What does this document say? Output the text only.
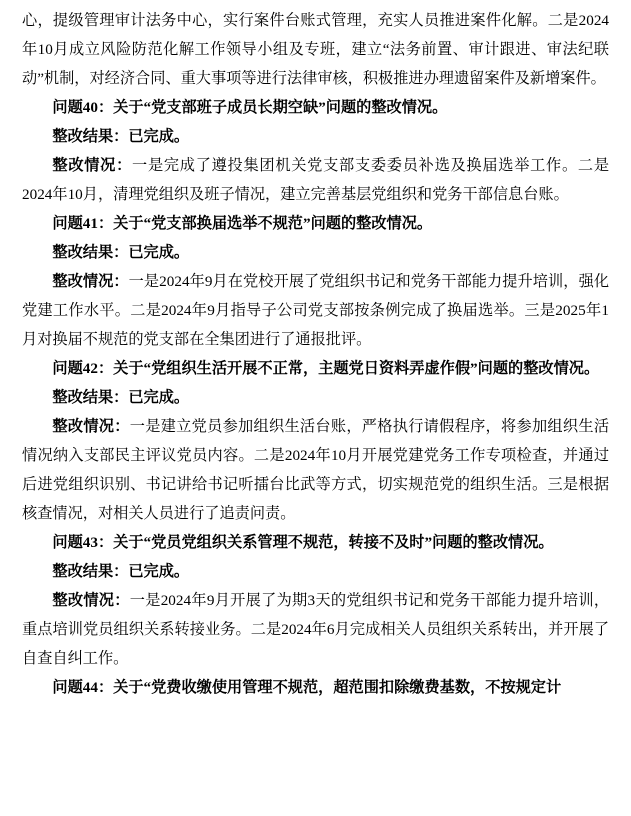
心，提级管理审计法务中心，实行案件台账式管理，充实人员推进案件化解。二是2024年10月成立风险防范化解工作领导小组及专班，建立“法务前置、审计跟进、审法纪联动”机制，对经济合同、重大事项等进行法律审核，积极推进办理遗留案件及新增案件。

问题40：关于“党支部班子成员长期空缺”问题的整改情况。

整改结果：已完成。

整改情况：一是完成了遵投集团机关党支部支委委员补选及换届选举工作。二是2024年10月，清理党组织及班子情况，建立完善基层党组织和党务干部信息台账。

问题41：关于“党支部换届选举不规范”问题的整改情况。

整改结果：已完成。

整改情况：一是2024年9月在党校开展了党组织书记和党务干部能力提升培训，强化党建工作水平。二是2024年9月指导子公司党支部按条例完成了换届选举。三是2025年1月对换届不规范的党支部在全集团进行了通报批评。

问题42：关于“党组织生活开展不正常，主题党日资料弄虚作假”问题的整改情况。

整改结果：已完成。

整改情况：一是建立党员参加组织生活台账，严格执行请假程序，将参加组织生活情况纳入支部民主评议党员内容。二是2024年10月开展党建党务工作专项检查，并通过后进党组织识别、书记讲给书记听擂台比武等方式，切实规范党的组织生活。三是根据核查情况，对相关人员进行了追责问责。

问题43：关于“党员党组织关系管理不规范，转接不及时”问题的整改情况。

整改结果：已完成。

整改情况：一是2024年9月开展了为期3天的党组织书记和党务干部能力提升培训，重点培训党员组织关系转接业务。二是2024年6月完成相关人员组织关系转出，并开展了自查自纠工作。

问题44：关于“党费收缴使用管理不规范，超范围扣除缴费基数，不按规定计
